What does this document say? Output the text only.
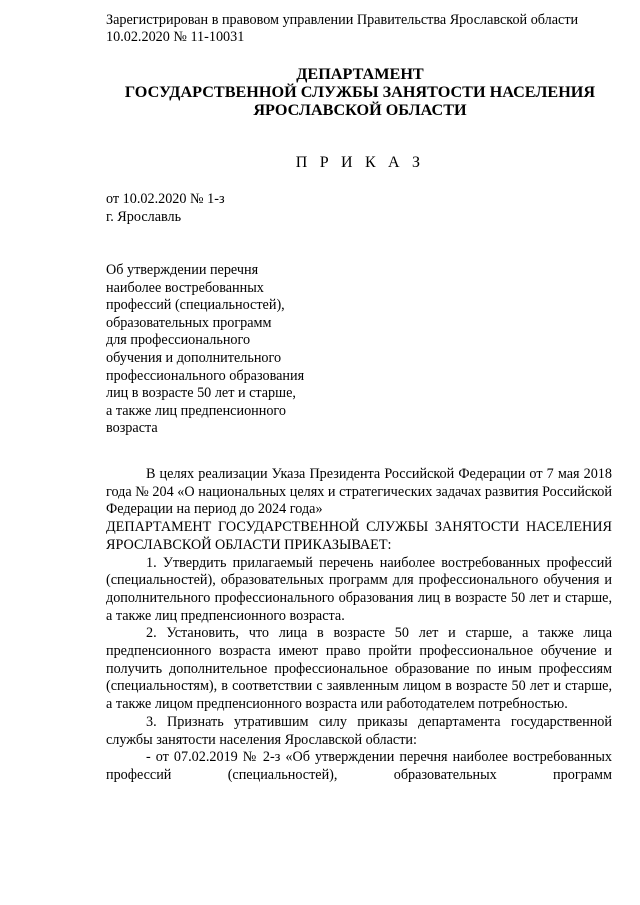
Зарегистрирован в правовом управлении Правительства Ярославской области
10.02.2020 № 11-10031
ДЕПАРТАМЕНТ
ГОСУДАРСТВЕННОЙ СЛУЖБЫ ЗАНЯТОСТИ НАСЕЛЕНИЯ
ЯРОСЛАВСКОЙ ОБЛАСТИ
П Р И К А З
от 10.02.2020 № 1-з
г. Ярославль
Об утверждении перечня
наиболее востребованных
профессий (специальностей),
образовательных программ
для профессионального
обучения и дополнительного
профессионального образования
лиц в возрасте 50 лет и старше,
а также лиц предпенсионного
возраста

В целях реализации Указа Президента Российской Федерации от 7 мая 2018 года № 204 «О национальных целях и стратегических задачах развития Российской Федерации на период до 2024 года»

ДЕПАРТАМЕНТ ГОСУДАРСТВЕННОЙ СЛУЖБЫ ЗАНЯТОСТИ НАСЕЛЕНИЯ ЯРОСЛАВСКОЙ ОБЛАСТИ ПРИКАЗЫВАЕТ:

1. Утвердить прилагаемый перечень наиболее востребованных профессий (специальностей), образовательных программ для профессионального обучения и дополнительного профессионального образования лиц в возрасте 50 лет и старше, а также лиц предпенсионного возраста.

2. Установить, что лица в возрасте 50 лет и старше, а также лица предпенсионного возраста имеют право пройти профессиональное обучение и получить дополнительное профессиональное образование по иным профессиям (специальностям), в соответствии с заявленным лицом в возрасте 50 лет и старше, а также лицом предпенсионного возраста или работодателем потребностью.

3. Признать утратившим силу приказы департамента государственной службы занятости населения Ярославской области:

- от 07.02.2019 № 2-з «Об утверждении перечня наиболее востребованных профессий (специальностей), образовательных программ
